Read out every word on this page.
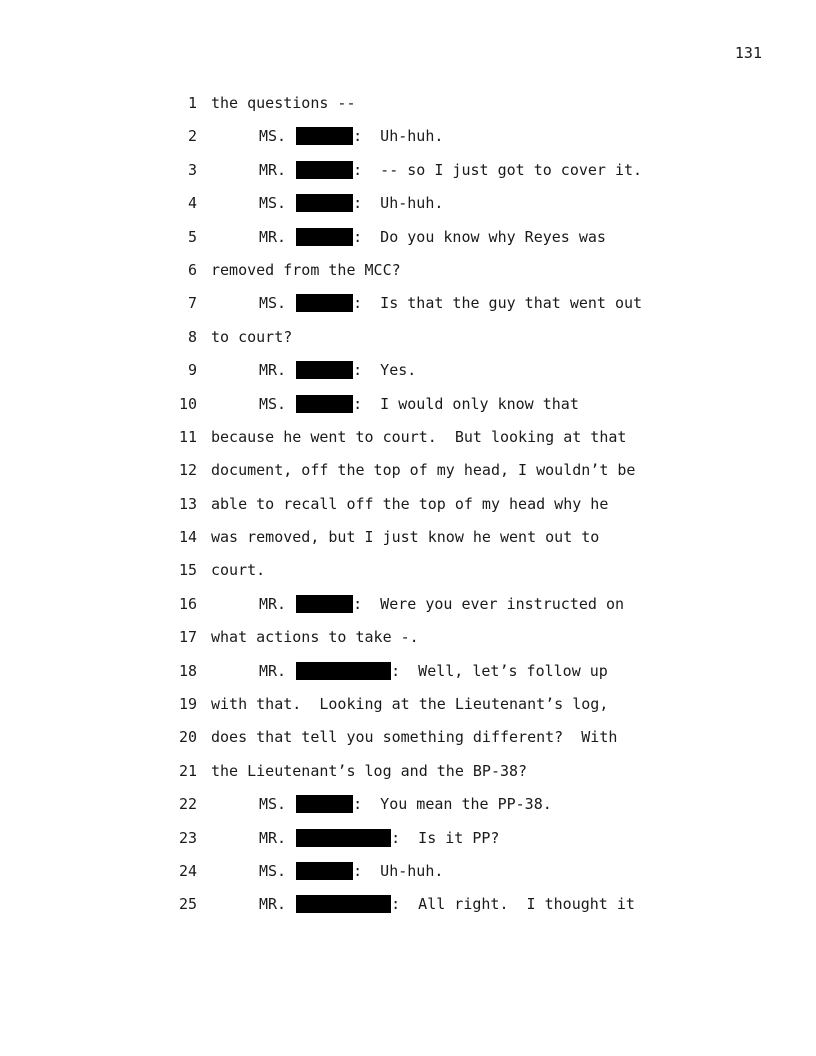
131
1 the questions --
2	MS.	:  Uh-huh.
3	MR.	:  -- so I just got to cover it.
4	MS.	:  Uh-huh.
5	MR.	:  Do you know why Reyes was
6 removed from the MCC?
7	MS.	:  Is that the guy that went out
8 to court?
9	MR.	:  Yes.
10	MS.	:  I would only know that
11 because he went to court.  But looking at that
12 document, off the top of my head, I wouldn’t be
13 able to recall off the top of my head why he
14 was removed, but I just know he went out to
15 court.
16	MR.	:  Were you ever instructed on
17 what actions to take -.
18	MR.	:  Well, let’s follow up
19 with that.  Looking at the Lieutenant’s log,
20 does that tell you something different?  With
21 the Lieutenant’s log and the BP-38?
22	MS.	:  You mean the PP-38.
23	MR.	:  Is it PP?
24	MS.	:  Uh-huh.
25	MR.	:  All right.  I thought it
